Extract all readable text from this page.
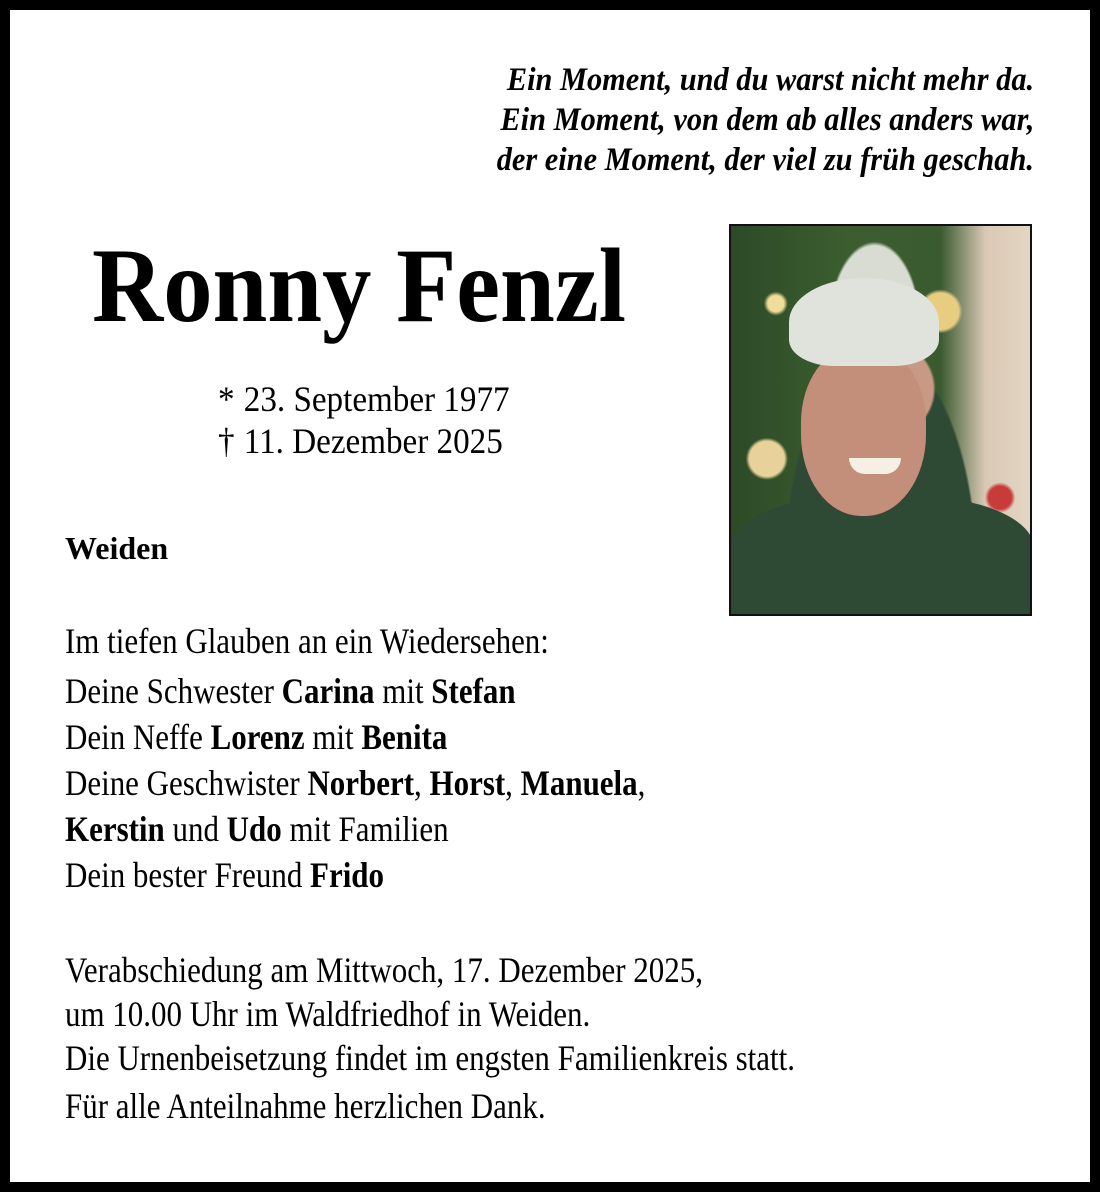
Ein Moment, und du warst nicht mehr da.
Ein Moment, von dem ab alles anders war,
der eine Moment, der viel zu früh geschah.
Ronny Fenzl
* 23. September 1977
† 11. Dezember 2025
Weiden
Im tiefen Glauben an ein Wiedersehen:
Deine Schwester Carina mit Stefan
Dein Neffe Lorenz mit Benita
Deine Geschwister Norbert, Horst, Manuela,
Kerstin und Udo mit Familien
Dein bester Freund Frido
Verabschiedung am Mittwoch, 17. Dezember 2025,
um 10.00 Uhr im Waldfriedhof in Weiden.
Die Urnenbeisetzung findet im engsten Familienkreis statt.
Für alle Anteilnahme herzlichen Dank.
